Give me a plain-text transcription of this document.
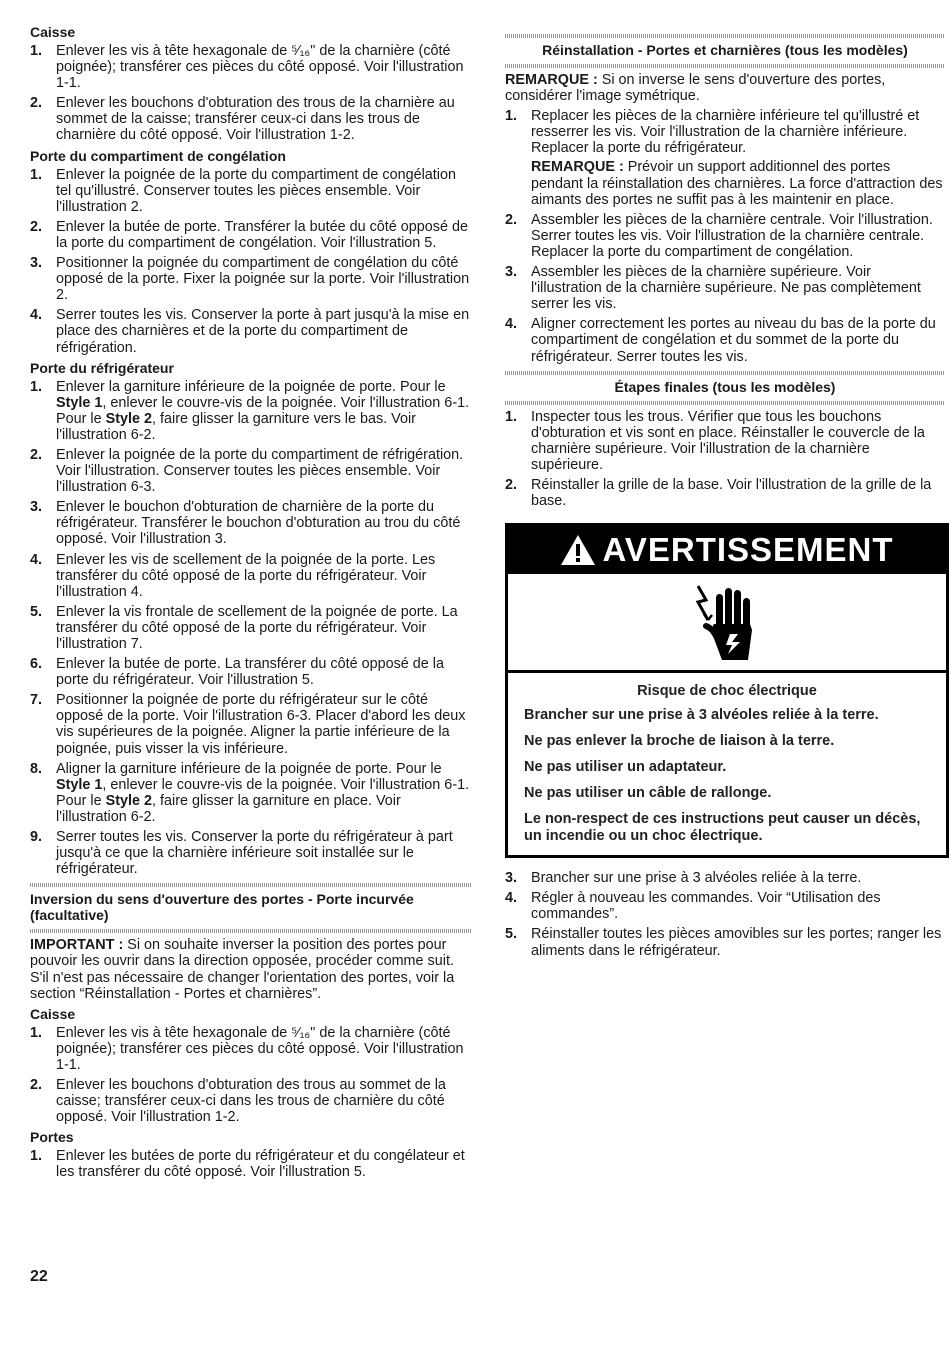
Caisse
1. Enlever les vis à tête hexagonale de ⁵⁄₁₆" de la charnière (côté poignée); transférer ces pièces du côté opposé. Voir l'illustration 1-1.
2. Enlever les bouchons d'obturation des trous de la charnière au sommet de la caisse; transférer ceux-ci dans les trous de charnière du côté opposé. Voir l'illustration 1-2.
Porte du compartiment de congélation
1. Enlever la poignée de la porte du compartiment de congélation tel qu'illustré. Conserver toutes les pièces ensemble. Voir l'illustration 2.
2. Enlever la butée de porte. Transférer la butée du côté opposé de la porte du compartiment de congélation. Voir l'illustration 5.
3. Positionner la poignée du compartiment de congélation du côté opposé de la porte. Fixer la poignée sur la porte. Voir l'illustration 2.
4. Serrer toutes les vis. Conserver la porte à part jusqu'à la mise en place des charnières et de la porte du compartiment de réfrigération.
Porte du réfrigérateur
1. Enlever la garniture inférieure de la poignée de porte. Pour le Style 1, enlever le couvre-vis de la poignée. Voir l'illustration 6-1. Pour le Style 2, faire glisser la garniture vers le bas. Voir l'illustration 6-2.
2. Enlever la poignée de la porte du compartiment de réfrigération. Voir l'illustration. Conserver toutes les pièces ensemble. Voir l'illustration 6-3.
3. Enlever le bouchon d'obturation de charnière de la porte du réfrigérateur. Transférer le bouchon d'obturation au trou du côté opposé. Voir l'illustration 3.
4. Enlever les vis de scellement de la poignée de la porte. Les transférer du côté opposé de la porte du réfrigérateur. Voir l'illustration 4.
5. Enlever la vis frontale de scellement de la poignée de porte. La transférer du côté opposé de la porte du réfrigérateur. Voir l'illustration 7.
6. Enlever la butée de porte. La transférer du côté opposé de la porte du réfrigérateur. Voir l'illustration 5.
7. Positionner la poignée de porte du réfrigérateur sur le côté opposé de la porte. Voir l'illustration 6-3. Placer d'abord les deux vis supérieures de la poignée. Aligner la partie inférieure de la poignée, puis visser la vis inférieure.
8. Aligner la garniture inférieure de la poignée de porte. Pour le Style 1, enlever le couvre-vis de la poignée. Voir l'illustration 6-1. Pour le Style 2, faire glisser la garniture en place. Voir l'illustration 6-2.
9. Serrer toutes les vis. Conserver la porte du réfrigérateur à part jusqu'à ce que la charnière inférieure soit installée sur le réfrigérateur.
Inversion du sens d'ouverture des portes - Porte incurvée (facultative)

IMPORTANT : Si on souhaite inverser la position des portes pour pouvoir les ouvrir dans la direction opposée, procéder comme suit. S'il n'est pas nécessaire de changer l'orientation des portes, voir la section “Réinstallation - Portes et charnières”.

Caisse
1. Enlever les vis à tête hexagonale de ⁵⁄₁₆" de la charnière (côté poignée); transférer ces pièces du côté opposé. Voir l'illustration 1-1.
2. Enlever les bouchons d'obturation des trous au sommet de la caisse; transférer ceux-ci dans les trous de charnière du côté opposé. Voir l'illustration 1-2.
Portes
1. Enlever les butées de porte du réfrigérateur et du congélateur et les transférer du côté opposé. Voir l'illustration 5.
Réinstallation - Portes et charnières (tous les modèles)

REMARQUE : Si on inverse le sens d'ouverture des portes, considérer l'image symétrique.

1. Replacer les pièces de la charnière inférieure tel qu'illustré et resserrer les vis. Voir l'illustration de la charnière inférieure. Replacer la porte du réfrigérateur.
REMARQUE : Prévoir un support additionnel des portes pendant la réinstallation des charnières. La force d'attraction des aimants des portes ne suffit pas à les maintenir en place.
2. Assembler les pièces de la charnière centrale. Voir l'illustration. Serrer toutes les vis. Voir l'illustration de la charnière centrale. Replacer la porte du compartiment de congélation.
3. Assembler les pièces de la charnière supérieure. Voir l'illustration de la charnière supérieure. Ne pas complètement serrer les vis.
4. Aligner correctement les portes au niveau du bas de la porte du compartiment de congélation et du sommet de la porte du réfrigérateur. Serrer toutes les vis.
Étapes finales (tous les modèles)
1. Inspecter tous les trous. Vérifier que tous les bouchons d'obturation et vis sont en place. Réinstaller le couvercle de la charnière supérieure. Voir l'illustration de la charnière supérieure.
2. Réinstaller la grille de la base. Voir l'illustration de la grille de la base.
AVERTISSEMENT
Risque de choc électrique
Brancher sur une prise à 3 alvéoles reliée à la terre.
Ne pas enlever la broche de liaison à la terre.
Ne pas utiliser un adaptateur.
Ne pas utiliser un câble de rallonge.
Le non-respect de ces instructions peut causer un décès, un incendie ou un choc électrique.
3. Brancher sur une prise à 3 alvéoles reliée à la terre.
4. Régler à nouveau les commandes. Voir “Utilisation des commandes”.
5. Réinstaller toutes les pièces amovibles sur les portes; ranger les aliments dans le réfrigérateur.
22
